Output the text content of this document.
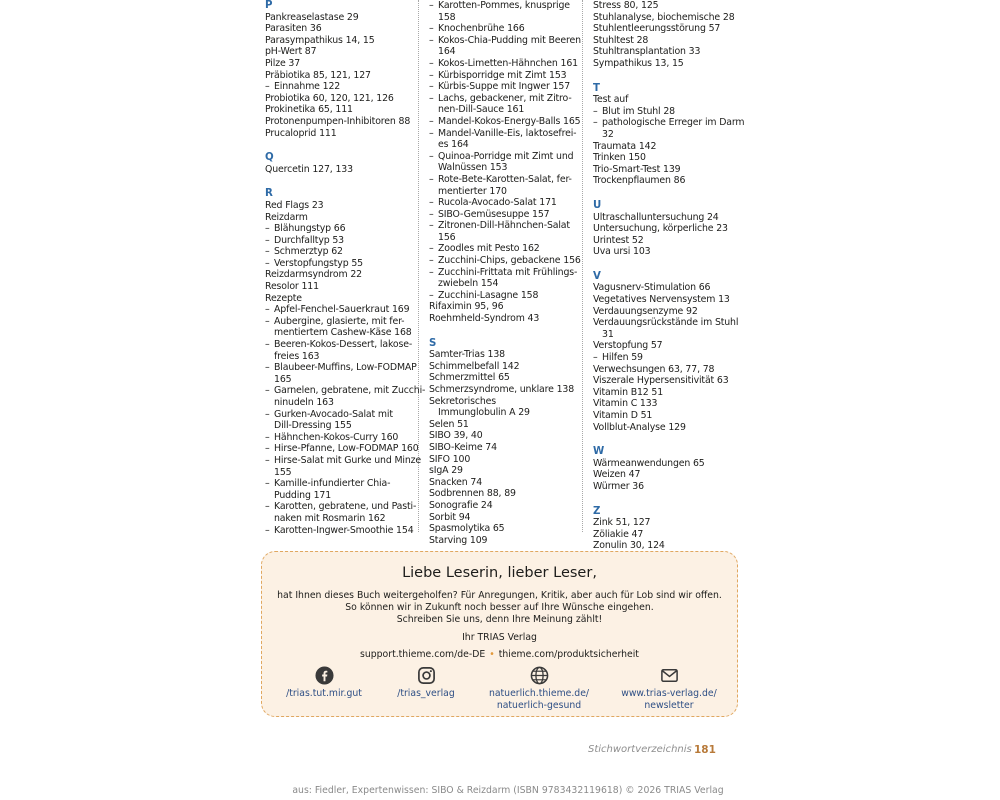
P
Pankreaselastase 29
Parasiten 36
Parasympathikus 14, 15
pH-Wert 87
Pilze 37
Präbiotika 85, 121, 127
– Einnahme 122
Probiotika 60, 120, 121, 126
Prokinetika 65, 111
Protonenpumpen-Inhibitoren 88
Prucaloprid 111
Q
Quercetin 127, 133
R
Red Flags 23
Reizdarm
– Blähungstyp 66
– Durchfalltyp 53
– Schmerztyp 62
– Verstopfungstyp 55
Reizdarmsyndrom 22
Resolor 111
Rezepte
– Apfel-Fenchel-Sauerkraut 169
– Aubergine, glasierte, mit fer-
mentiertem Cashew-Käse 168
– Beeren-Kokos-Dessert, lakose-
freies 163
– Blaubeer-Muffins, Low-FODMAP
165
– Garnelen, gebratene, mit Zucchi-
ninudeln 163
– Gurken-Avocado-Salat mit
Dill-Dressing 155
– Hähnchen-Kokos-Curry 160
– Hirse-Pfanne, Low-FODMAP 160
– Hirse-Salat mit Gurke und Minze
155
– Kamille-infundierter Chia-
Pudding 171
– Karotten, gebratene, und Pasti-
naken mit Rosmarin 162
– Karotten-Ingwer-Smoothie 154
– Karotten-Pommes, knusprige
158
– Knochenbrühe 166
– Kokos-Chia-Pudding mit Beeren
164
– Kokos-Limetten-Hähnchen 161
– Kürbisporridge mit Zimt 153
– Kürbis-Suppe mit Ingwer 157
– Lachs, gebackener, mit Zitro-
nen-Dill-Sauce 161
– Mandel-Kokos-Energy-Balls 165
– Mandel-Vanille-Eis, laktosefrei-
es 164
– Quinoa-Porridge mit Zimt und
Walnüssen 153
– Rote-Bete-Karotten-Salat, fer-
mentierter 170
– Rucola-Avocado-Salat 171
– SIBO-Gemüsesuppe 157
– Zitronen-Dill-Hähnchen-Salat
156
– Zoodles mit Pesto 162
– Zucchini-Chips, gebackene 156
– Zucchini-Frittata mit Frühlings-
zwiebeln 154
– Zucchini-Lasagne 158
Rifaximin 95, 96
Roehmheld-Syndrom 43
S
Samter-Trias 138
Schimmelbefall 142
Schmerzmittel 65
Schmerzsyndrome, unklare 138
Sekretorisches
Immunglobulin A 29
Selen 51
SIBO 39, 40
SIBO-Keime 74
SIFO 100
sIgA 29
Snacken 74
Sodbrennen 88, 89
Sonografie 24
Sorbit 94
Spasmolytika 65
Starving 109
Stress 80, 125
Stuhlanalyse, biochemische 28
Stuhlentleerungsstörung 57
Stuhltest 28
Stuhltransplantation 33
Sympathikus 13, 15
T
Test auf
– Blut im Stuhl 28
– pathologische Erreger im Darm
32
Traumata 142
Trinken 150
Trio-Smart-Test 139
Trockenpflaumen 86
U
Ultraschalluntersuchung 24
Untersuchung, körperliche 23
Urintest 52
Uva ursi 103
V
Vagusnerv-Stimulation 66
Vegetatives Nervensystem 13
Verdauungsenzyme 92
Verdauungsrückstände im Stuhl
31
Verstopfung 57
– Hilfen 59
Verwechsungen 63, 77, 78
Viszerale Hypersensitivität 63
Vitamin B12 51
Vitamin C 133
Vitamin D 51
Vollblut-Analyse 129
W
Wärmeanwendungen 65
Weizen 47
Würmer 36
Z
Zink 51, 127
Zöliakie 47
Zonulin 30, 124
Liebe Leserin, lieber Leser,
hat Ihnen dieses Buch weitergeholfen? Für Anregungen, Kritik, aber auch für Lob sind wir offen.
So können wir in Zukunft noch besser auf Ihre Wünsche eingehen.
Schreiben Sie uns, denn Ihre Meinung zählt!
Ihr TRIAS Verlag
support.thieme.com/de-DE • thieme.com/produktsicherheit
/trias.tut.mir.gut	/trias_verlag	natuerlich.thieme.de/
natuerlich-gesund
www.trias-verlag.de/
newsletter
Stichwortverzeichnis 181
aus: Fiedler, Expertenwissen: SIBO & Reizdarm (ISBN 9783432119618) © 2026 TRIAS Verlag
